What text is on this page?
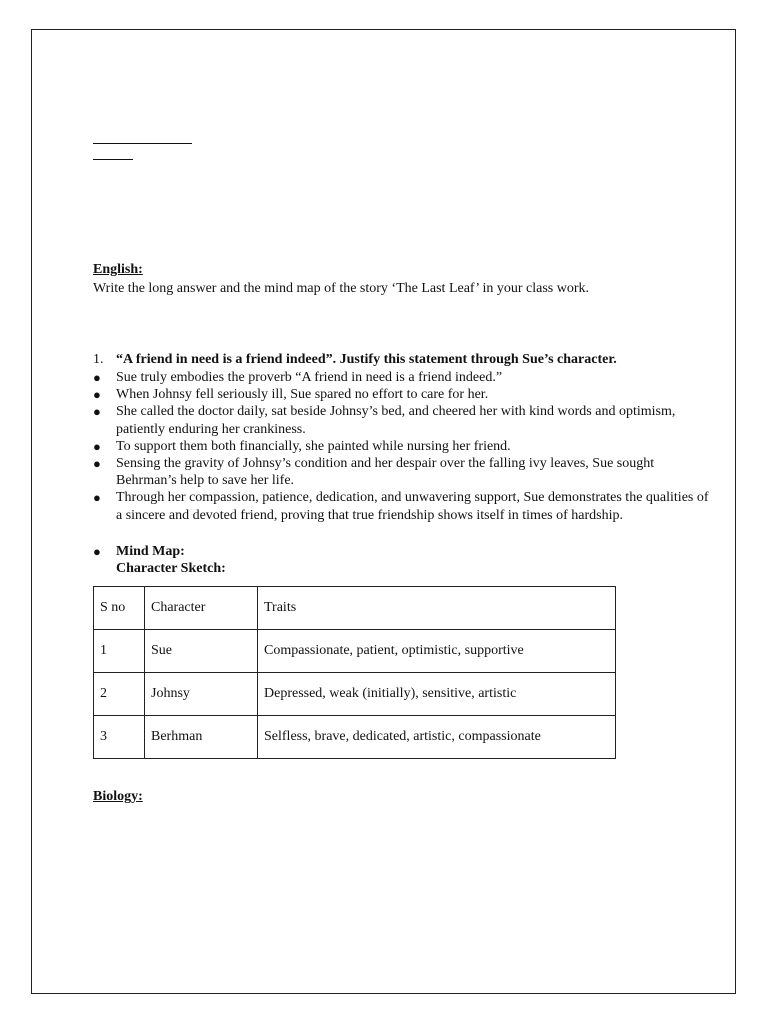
English:
Write the long answer and the mind map of the story ‘The Last Leaf’ in your class work.
1. “A friend in need is a friend indeed”. Justify this statement through Sue’s character.
●	Sue truly embodies the proverb “A friend in need is a friend indeed.”
●	When Johnsy fell seriously ill, Sue spared no effort to care for her.
●	She called the doctor daily, sat beside Johnsy’s bed, and cheered her with kind words and optimism, patiently enduring her crankiness.
●	To support them both financially, she painted while nursing her friend.
●	Sensing the gravity of Johnsy’s condition and her despair over the falling ivy leaves, Sue sought Behrman’s help to save her life.
●	Through her compassion, patience, dedication, and unwavering support, Sue demonstrates the qualities of a sincere and devoted friend, proving that true friendship shows itself in times of hardship.
●	Mind Map:
Character Sketch:
S no	Character	Traits
1	Sue	Compassionate, patient, optimistic, supportive
2	Johnsy	Depressed, weak (initially), sensitive, artistic
3	Berhman	Selfless, brave, dedicated, artistic, compassionate
Biology:
